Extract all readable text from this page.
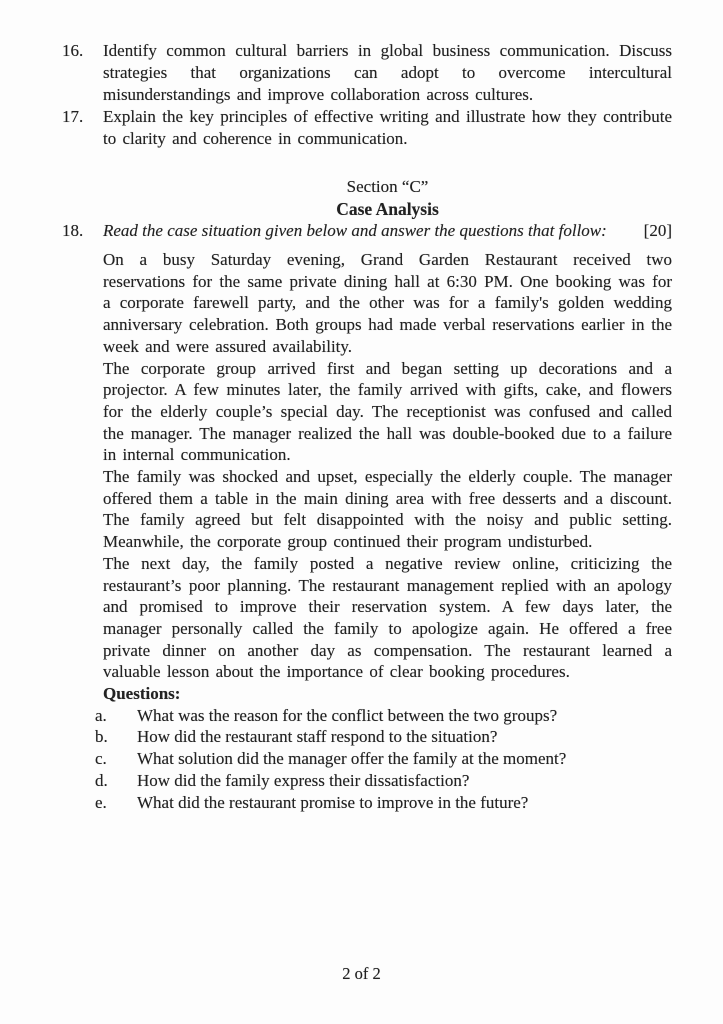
16.	Identify common cultural barriers in global business communication. Discuss strategies that organizations can adopt to overcome intercultural misunderstandings and improve collaboration across cultures.
17.	Explain the key principles of effective writing and illustrate how they contribute to clarity and coherence in communication.
Section “C”
Case Analysis
18.	Read the case situation given below and answer the questions that follow:	[20]

On a busy Saturday evening, Grand Garden Restaurant received two reservations for the same private dining hall at 6:30 PM. One booking was for a corporate farewell party, and the other was for a family's golden wedding anniversary celebration. Both groups had made verbal reservations earlier in the week and were assured availability.

The corporate group arrived first and began setting up decorations and a projector. A few minutes later, the family arrived with gifts, cake, and flowers for the elderly couple’s special day. The receptionist was confused and called the manager. The manager realized the hall was double-booked due to a failure in internal communication.

The family was shocked and upset, especially the elderly couple. The manager offered them a table in the main dining area with free desserts and a discount. The family agreed but felt disappointed with the noisy and public setting. Meanwhile, the corporate group continued their program undisturbed.

The next day, the family posted a negative review online, criticizing the restaurant’s poor planning. The restaurant management replied with an apology and promised to improve their reservation system. A few days later, the manager personally called the family to apologize again. He offered a free private dinner on another day as compensation. The restaurant learned a valuable lesson about the importance of clear booking procedures.

Questions:
a.	What was the reason for the conflict between the two groups?
b.	How did the restaurant staff respond to the situation?
c.	What solution did the manager offer the family at the moment?
d.	How did the family express their dissatisfaction?
e.	What did the restaurant promise to improve in the future?
2 of 2
